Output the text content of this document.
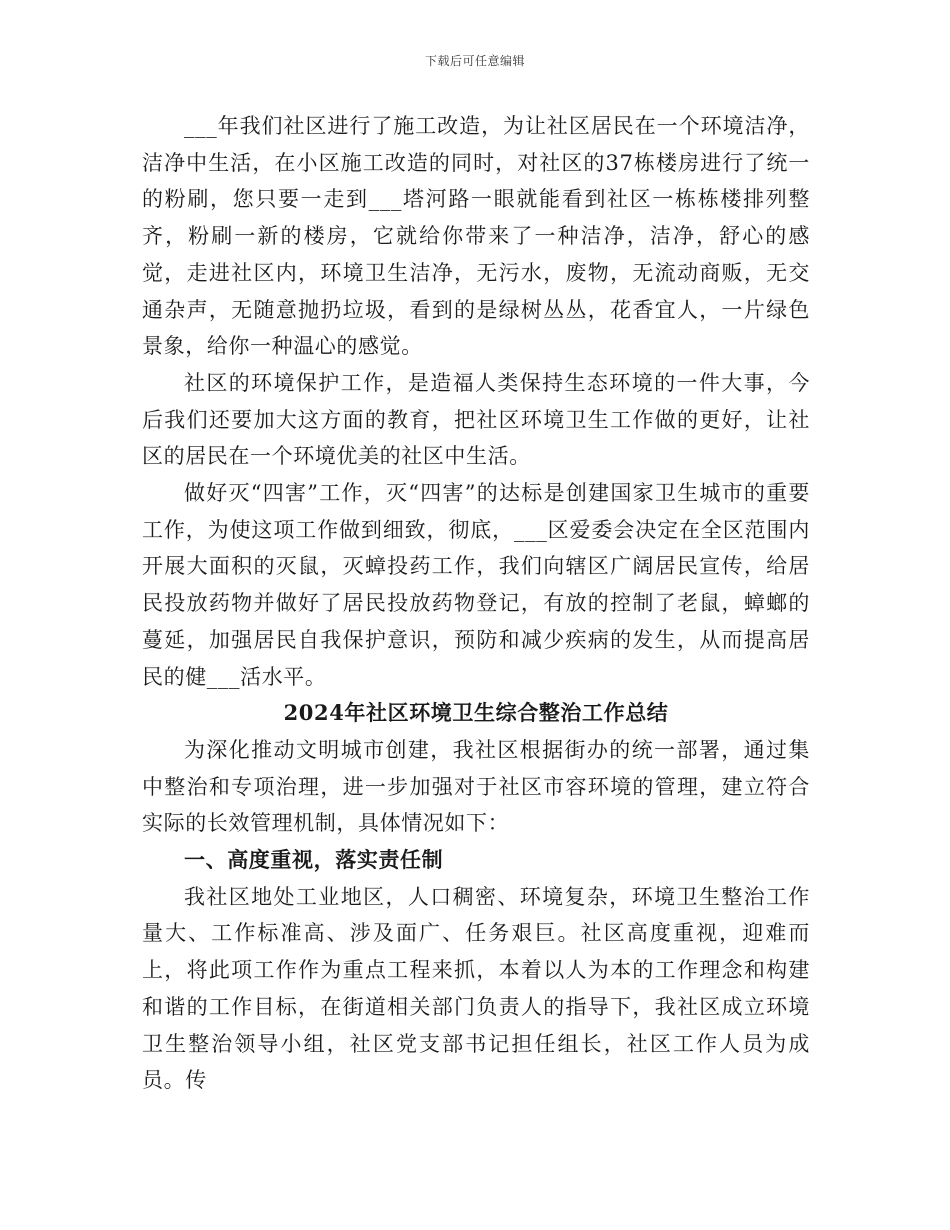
下载后可任意编辑

___年我们社区进行了施工改造，为让社区居民在一个环境洁净，洁净中生活，在小区施工改造的同时，对社区的37栋楼房进行了统一的粉刷，您只要一走到___塔河路一眼就能看到社区一栋栋楼排列整齐，粉刷一新的楼房，它就给你带来了一种洁净，洁净，舒心的感觉，走进社区内，环境卫生洁净，无污水，废物，无流动商贩，无交通杂声，无随意抛扔垃圾，看到的是绿树丛丛，花香宜人，一片绿色景象，给你一种温心的感觉。

社区的环境保护工作，是造福人类保持生态环境的一件大事，今后我们还要加大这方面的教育，把社区环境卫生工作做的更好，让社区的居民在一个环境优美的社区中生活。

做好灭“四害”工作，灭“四害”的达标是创建国家卫生城市的重要工作，为使这项工作做到细致，彻底，___区爱委会决定在全区范围内开展大面积的灭鼠，灭蟑投药工作，我们向辖区广阔居民宣传，给居民投放药物并做好了居民投放药物登记，有放的控制了老鼠，蟑螂的蔓延，加强居民自我保护意识，预防和减少疾病的发生，从而提高居民的健___活水平。

2024年社区环境卫生综合整治工作总结

为深化推动文明城市创建，我社区根据街办的统一部署，通过集中整治和专项治理，进一步加强对于社区市容环境的管理，建立符合实际的长效管理机制，具体情况如下：

一、高度重视，落实责任制

我社区地处工业地区，人口稠密、环境复杂，环境卫生整治工作量大、工作标准高、涉及面广、任务艰巨。社区高度重视，迎难而上，将此项工作作为重点工程来抓，本着以人为本的工作理念和构建和谐的工作目标，在街道相关部门负责人的指导下，我社区成立环境卫生整治领导小组，社区党支部书记担任组长，社区工作人员为成员。传
